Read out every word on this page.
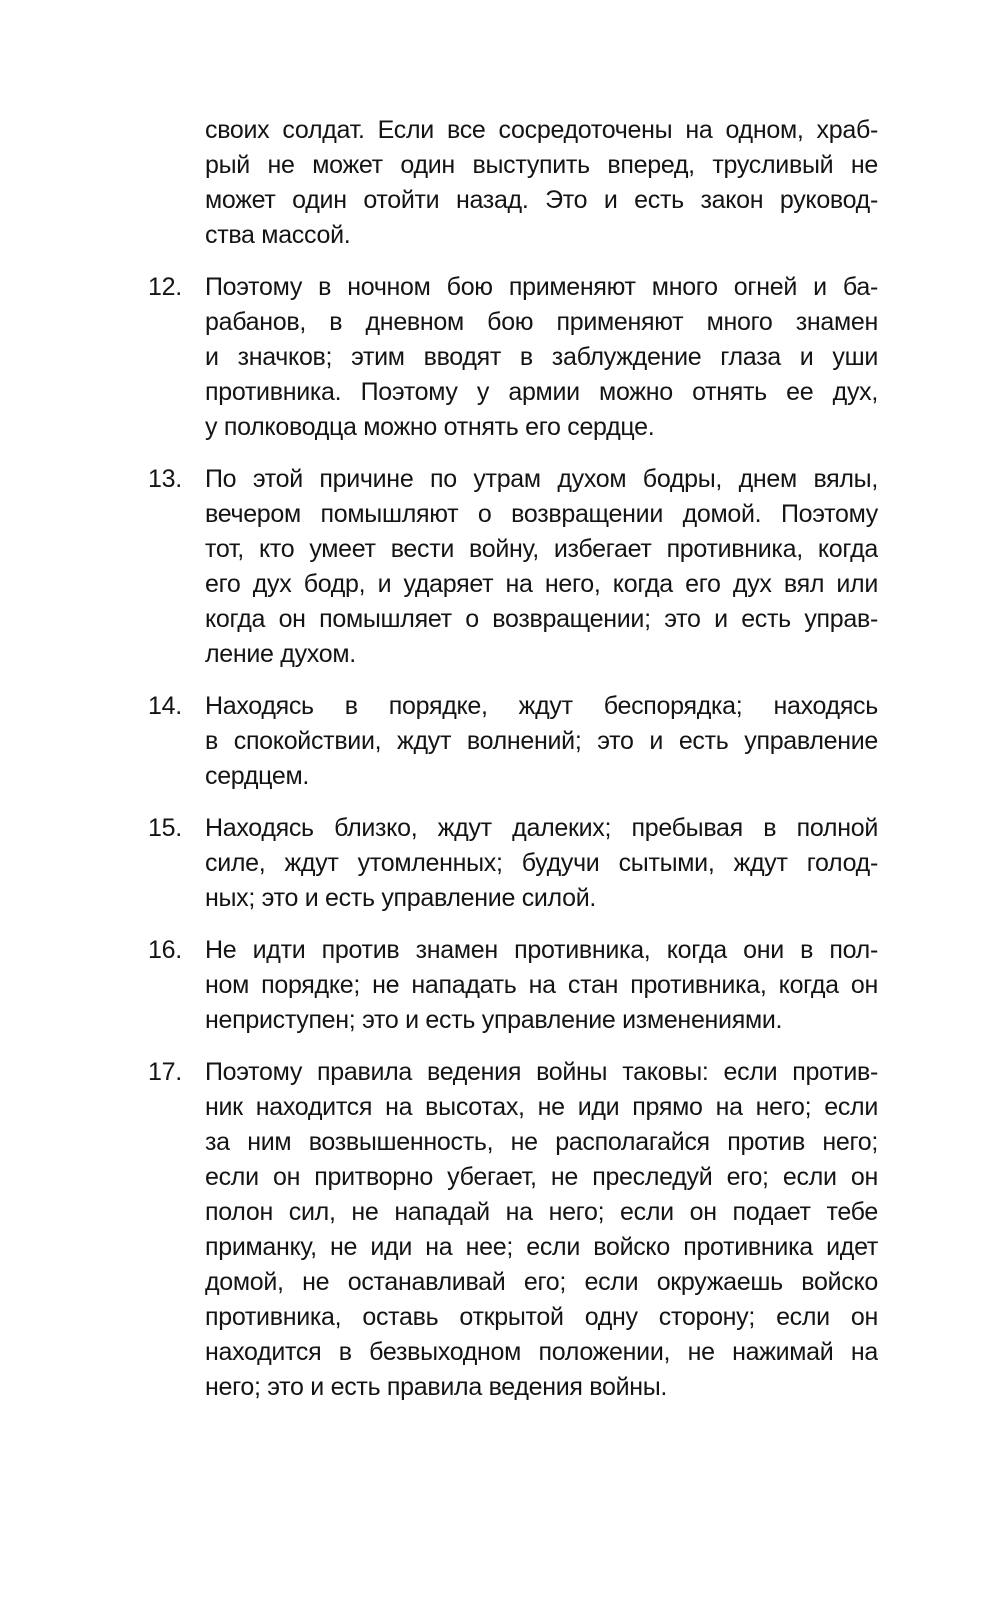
своих солдат. Если все сосредоточены на одном, храб-
рый не может один выступить вперед, трусливый не
может один отойти назад. Это и есть закон руковод-
ства массой.
12. Поэтому в ночном бою применяют много огней и ба-
рабанов, в дневном бою применяют много знамен
и значков; этим вводят в заблуждение глаза и уши
противника. Поэтому у армии можно отнять ее дух,
у полководца можно отнять его сердце.
13. По этой причине по утрам духом бодры, днем вялы,
вечером помышляют о возвращении домой. Поэтому
тот, кто умеет вести войну, избегает противника, когда
его дух бодр, и ударяет на него, когда его дух вял или
когда он помышляет о возвращении; это и есть управ-
ление духом.
14. Находясь в порядке, ждут беспорядка; находясь
в спокойствии, ждут волнений; это и есть управление
сердцем.
15. Находясь близко, ждут далеких; пребывая в полной
силе, ждут утомленных; будучи сытыми, ждут голод-
ных; это и есть управление силой.
16. Не идти против знамен противника, когда они в пол-
ном порядке; не нападать на стан противника, когда он
неприступен; это и есть управление изменениями.
17. Поэтому правила ведения войны таковы: если против-
ник находится на высотах, не иди прямо на него; если
за ним возвышенность, не располагайся против него;
если он притворно убегает, не преследуй его; если он
полон сил, не нападай на него; если он подает тебе
приманку, не иди на нее; если войско противника идет
домой, не останавливай его; если окружаешь войско
противника, оставь открытой одну сторону; если он
находится в безвыходном положении, не нажимай на
него; это и есть правила ведения войны.
